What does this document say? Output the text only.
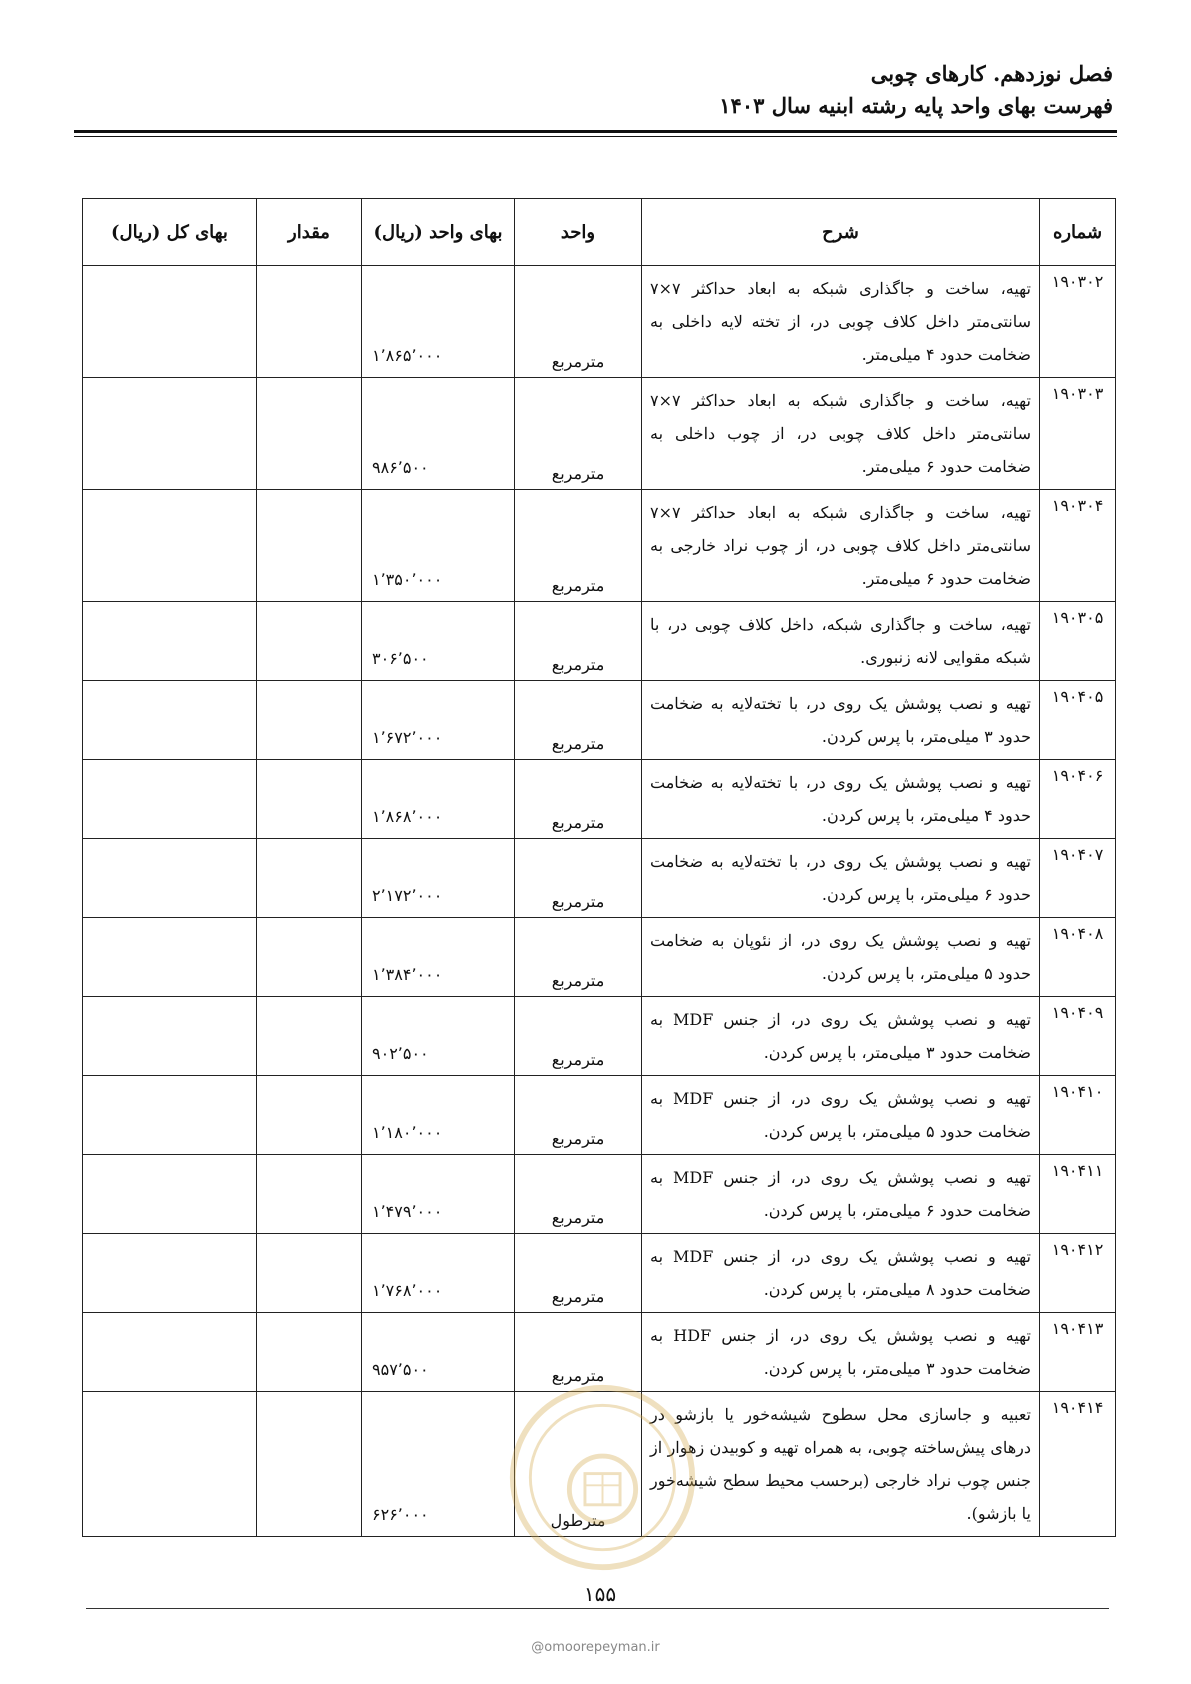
فصل نوزدهم. کارهای چوبی
فهرست بهای واحد پایه رشته ابنیه سال ۱۴۰۳
شماره	شرح	واحد	بهای واحد (ریال)	مقدار	بهای کل (ریال)
۱۹۰۳۰۲	تهیه، ساخت و جاگذاری شبکه به ابعاد حداکثر ۷×۷ سانتی‌متر داخل کلاف چوبی در، از تخته لایه داخلی به ضخامت حدود ۴ میلی‌متر.	مترمربع	۱٬۸۶۵٬۰۰۰		
۱۹۰۳۰۳	تهیه، ساخت و جاگذاری شبکه به ابعاد حداکثر ۷×۷ سانتی‌متر داخل کلاف چوبی در، از چوب داخلی به ضخامت حدود ۶ میلی‌متر.	مترمربع	۹۸۶٬۵۰۰		
۱۹۰۳۰۴	تهیه، ساخت و جاگذاری شبکه به ابعاد حداکثر ۷×۷ سانتی‌متر داخل کلاف چوبی در، از چوب نراد خارجی به ضخامت حدود ۶ میلی‌متر.	مترمربع	۱٬۳۵۰٬۰۰۰		
۱۹۰۳۰۵	تهیه، ساخت و جاگذاری شبکه، داخل کلاف چوبی در، با شبکه مقوایی لانه زنبوری.	مترمربع	۳۰۶٬۵۰۰		
۱۹۰۴۰۵	تهیه و نصب پوشش یک روی در، با تخته‌لایه به ضخامت حدود ۳ میلی‌متر، با پرس کردن.	مترمربع	۱٬۶۷۲٬۰۰۰		
۱۹۰۴۰۶	تهیه و نصب پوشش یک روی در، با تخته‌لایه به ضخامت حدود ۴ میلی‌متر، با پرس کردن.	مترمربع	۱٬۸۶۸٬۰۰۰		
۱۹۰۴۰۷	تهیه و نصب پوشش یک روی در، با تخته‌لایه به ضخامت حدود ۶ میلی‌متر، با پرس کردن.	مترمربع	۲٬۱۷۲٬۰۰۰		
۱۹۰۴۰۸	تهیه و نصب پوشش یک روی در، از نئوپان به ضخامت حدود ۵ میلی‌متر، با پرس کردن.	مترمربع	۱٬۳۸۴٬۰۰۰		
۱۹۰۴۰۹	تهیه و نصب پوشش یک روی در، از جنس MDF به ضخامت حدود ۳ میلی‌متر، با پرس کردن.	مترمربع	۹۰۲٬۵۰۰		
۱۹۰۴۱۰	تهیه و نصب پوشش یک روی در، از جنس MDF به ضخامت حدود ۵ میلی‌متر، با پرس کردن.	مترمربع	۱٬۱۸۰٬۰۰۰		
۱۹۰۴۱۱	تهیه و نصب پوشش یک روی در، از جنس MDF به ضخامت حدود ۶ میلی‌متر، با پرس کردن.	مترمربع	۱٬۴۷۹٬۰۰۰		
۱۹۰۴۱۲	تهیه و نصب پوشش یک روی در، از جنس MDF به ضخامت حدود ۸ میلی‌متر، با پرس کردن.	مترمربع	۱٬۷۶۸٬۰۰۰		
۱۹۰۴۱۳	تهیه و نصب پوشش یک روی در، از جنس HDF به ضخامت حدود ۳ میلی‌متر، با پرس کردن.	مترمربع	۹۵۷٬۵۰۰		
۱۹۰۴۱۴	تعبیه و جاسازی محل سطوح شیشه‌خور یا بازشو در درهای پیش‌ساخته چوبی، به همراه تهیه و کوبیدن زهوار از جنس چوب نراد خارجی (برحسب محیط سطح شیشه‌خور یا بازشو).	مترطول	۶۲۶٬۰۰۰		
۱۵۵
@omoorepeyman.ir
